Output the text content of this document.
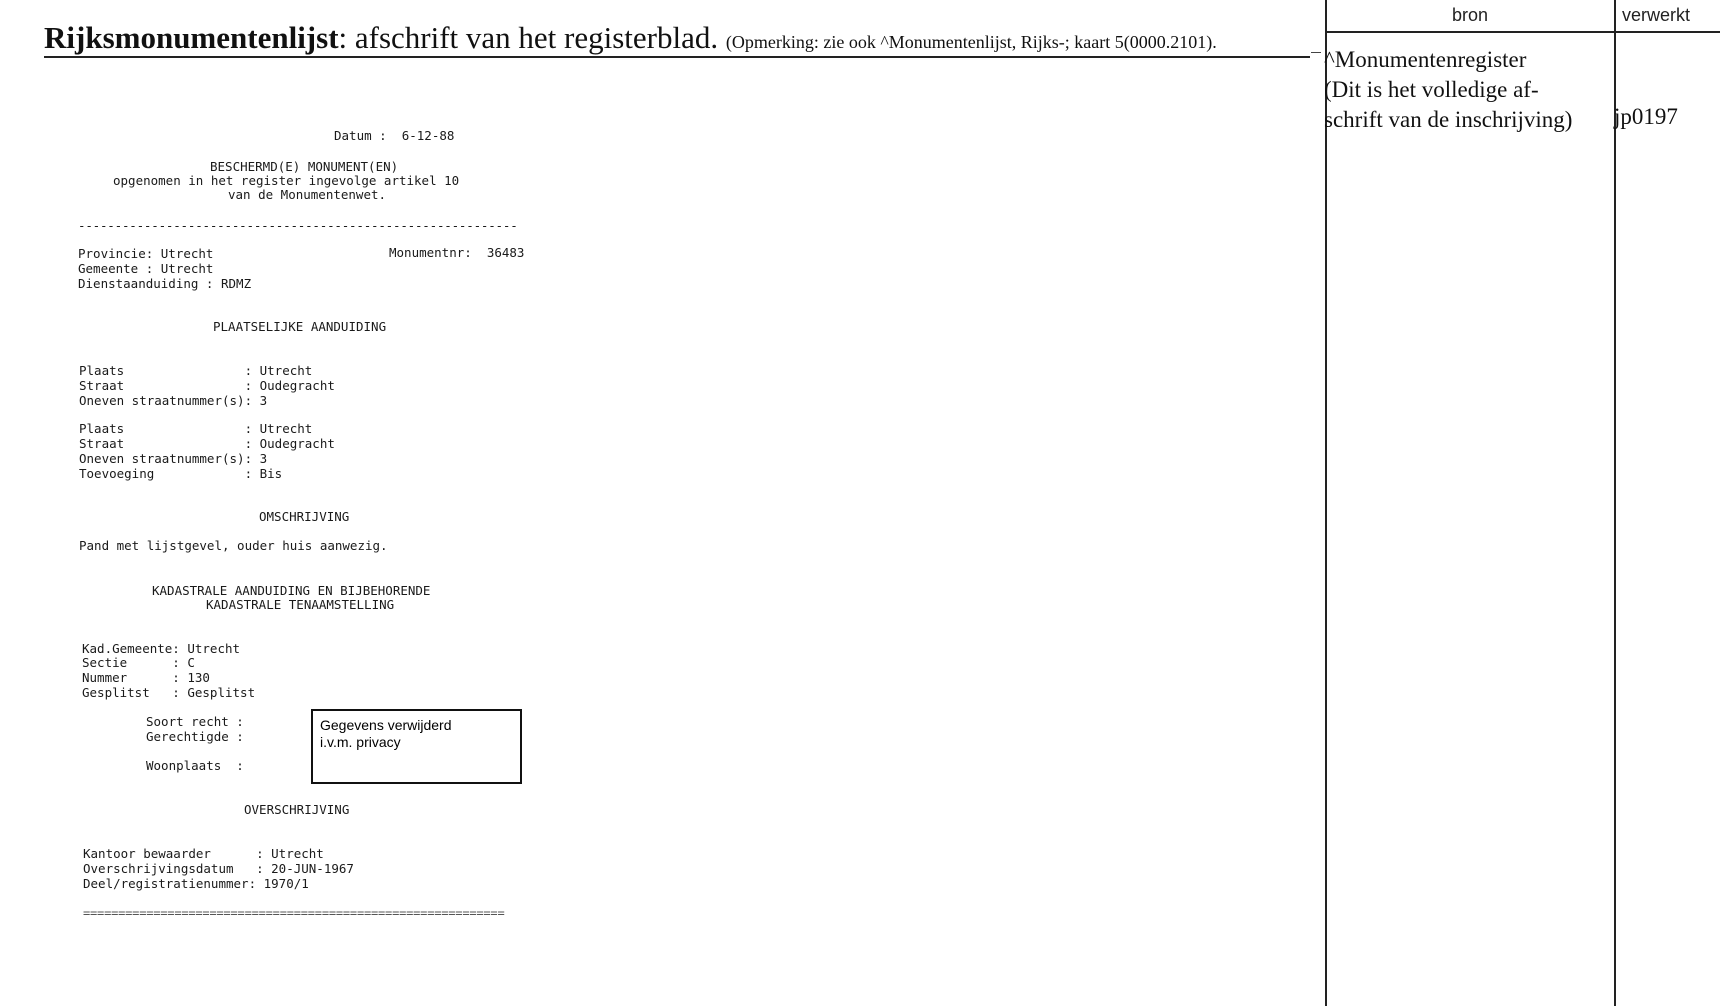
Rijksmonumentenlijst: afschrift van het registerblad. (Opmerking: zie ook ^Monumentenlijst, Rijks-; kaart 5(0000.2101).
Datum :  6-12-88
BESCHERMD(E) MONUMENT(EN)
opgenomen in het register ingevolge artikel 10
van de Monumentenwet.
------------------------------------------------------------
Provincie: Utrecht	Monumentnr:  36483
Gemeente : Utrecht
Dienstaanduiding : RDMZ
PLAATSELIJKE AANDUIDING
Plaats                : Utrecht
Straat                : Oudegracht
Oneven straatnummer(s): 3
Plaats                : Utrecht
Straat                : Oudegracht
Oneven straatnummer(s): 3
Toevoeging            : Bis
OMSCHRIJVING
Pand met lijstgevel, ouder huis aanwezig.
KADASTRALE AANDUIDING EN BIJBEHORENDE
KADASTRALE TENAAMSTELLING
Kad.Gemeente: Utrecht
Sectie      : C
Nummer      : 130
Gesplitst   : Gesplitst
Soort recht :
Gerechtigde :
Woonplaats  :
Gegevens verwijderd
i.v.m. privacy
OVERSCHRIJVING
Kantoor bewaarder      : Utrecht
Overschrijvingsdatum   : 20-JUN-1967
Deel/registratienummer: 1970/1
============================================================
bron	verwerkt
^Monumentenregister
(Dit is het volledige af-
schrift van de inschrijving)	jp0197
